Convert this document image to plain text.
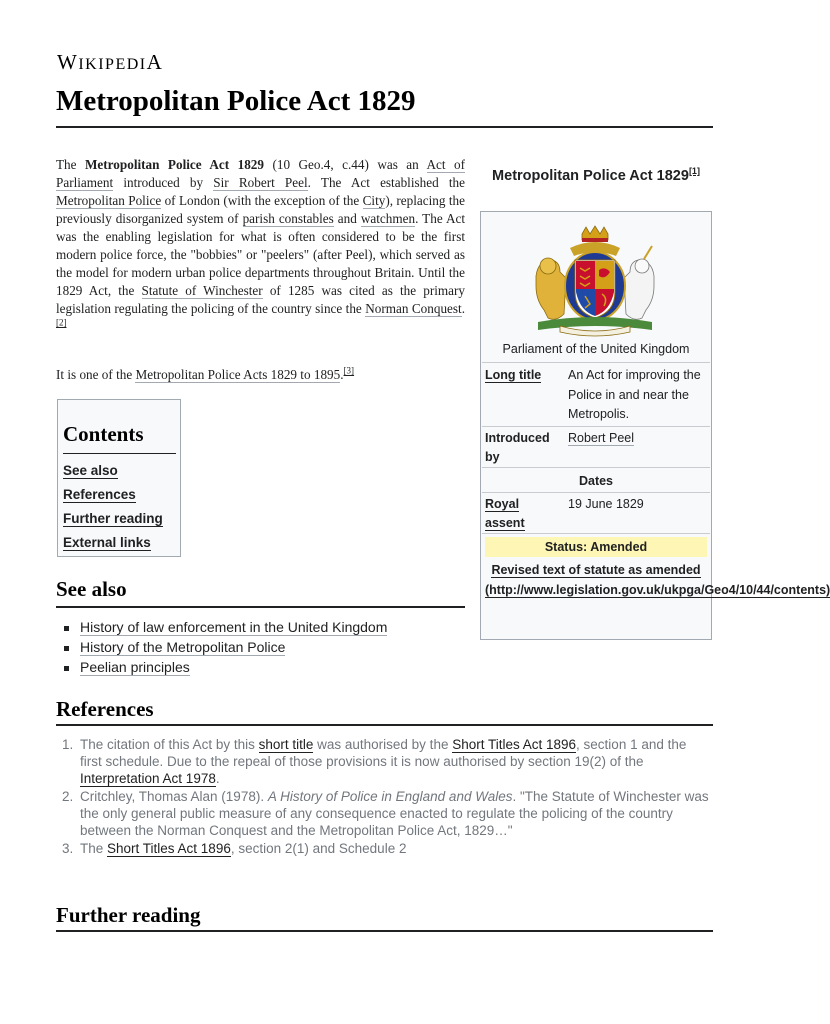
WIKIPEDIA
Metropolitan Police Act 1829

The Metropolitan Police Act 1829 (10 Geo.4, c.44) was an Act of Parliament introduced by Sir Robert Peel. The Act established the Metropolitan Police of London (with the exception of the City), replacing the previously disorganized system of parish constables and watchmen. The Act was the enabling legislation for what is often considered to be the first modern police force, the "bobbies" or "peelers" (after Peel), which served as the model for modern urban police departments throughout Britain. Until the 1829 Act, the Statute of Winchester of 1285 was cited as the primary legislation regulating the policing of the country since the Norman Conquest.[2]

It is one of the Metropolitan Police Acts 1829 to 1895.[3]

Contents
See also
References
Further reading
External links
See also
History of law enforcement in the United Kingdom
History of the Metropolitan Police
Peelian principles
References
1. The citation of this Act by this short title was authorised by the Short Titles Act 1896, section 1 and the first schedule. Due to the repeal of those provisions it is now authorised by section 19(2) of the Interpretation Act 1978.
2. Critchley, Thomas Alan (1978). A History of Police in England and Wales. "The Statute of Winchester was the only general public measure of any consequence enacted to regulate the policing of the country between the Norman Conquest and the Metropolitan Police Act, 1829…"
3. The Short Titles Act 1896, section 2(1) and Schedule 2
Further reading
Metropolitan Police Act 1829[1]
Parliament of the United Kingdom
Long title An Act for improving the Police in and near the Metropolis.
Introduced
by
Robert Peel
Dates
Royal
assent
19 June 1829
Status: Amended
Revised text of statute as amended (http://www.legislation.gov.uk/ukpga/Geo4/10/44/contents)
